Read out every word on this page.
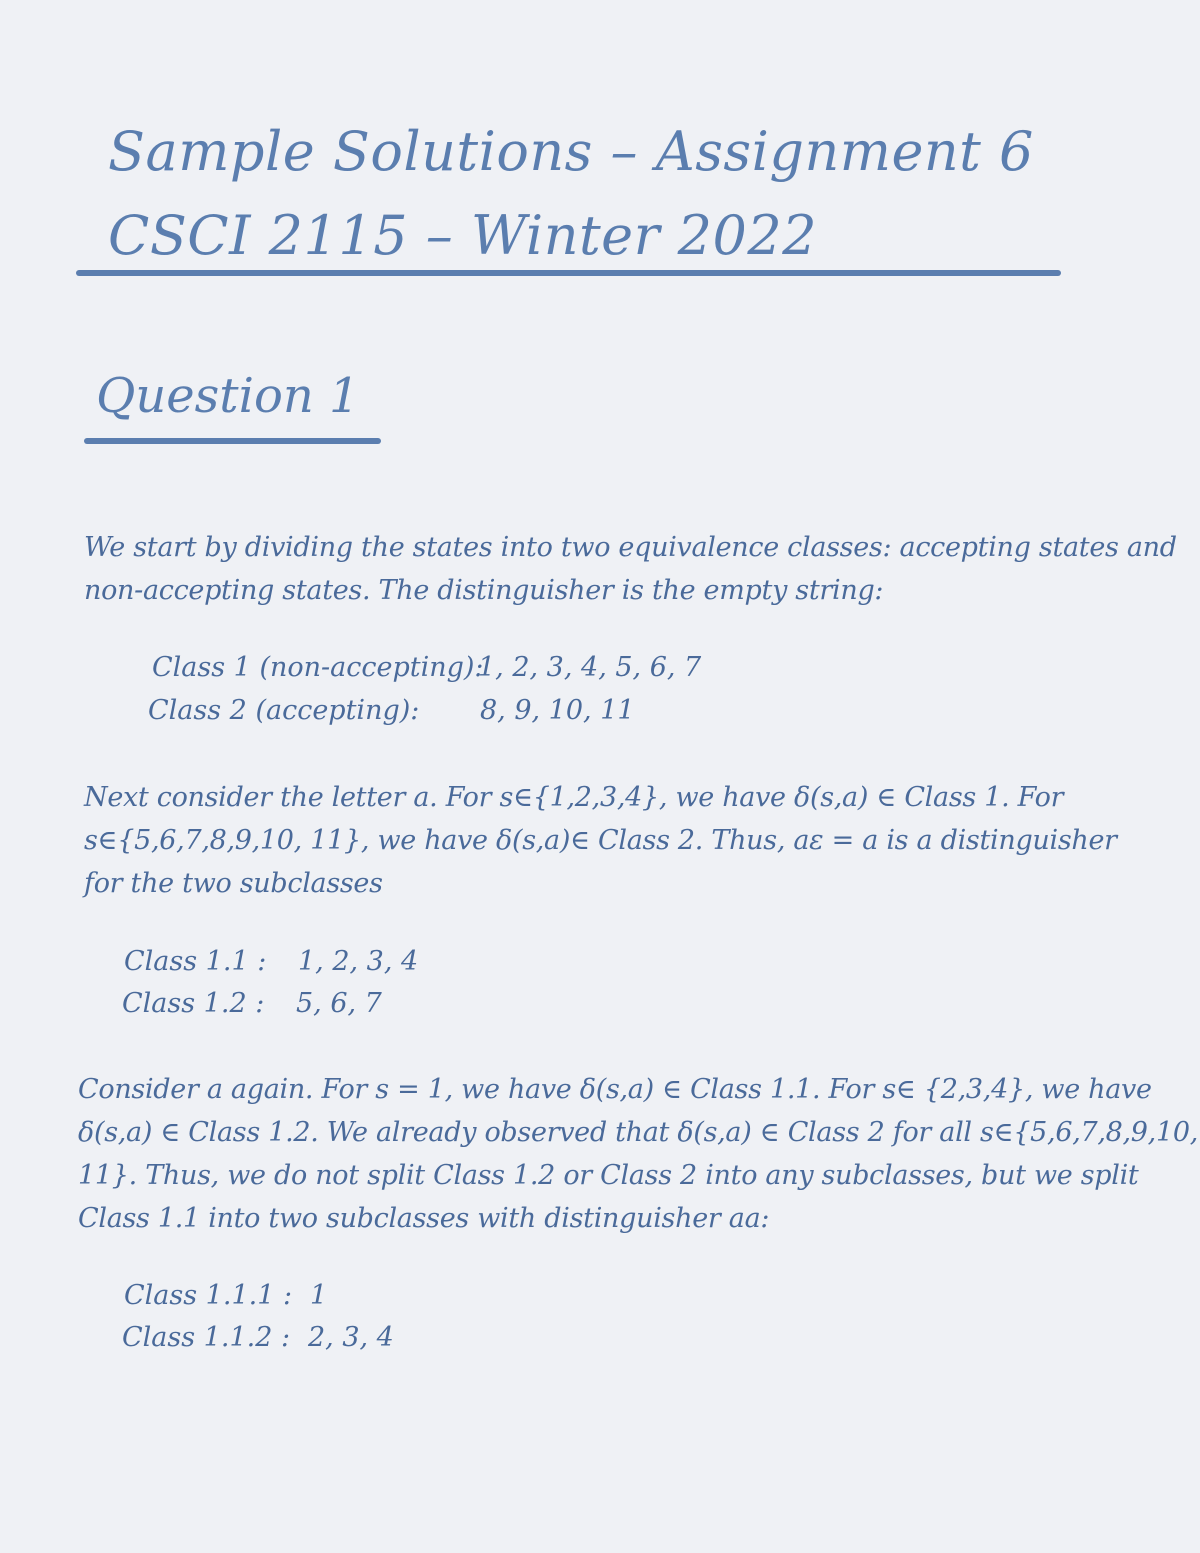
Sample Solutions – Assignment 6
CSCI 2115 – Winter 2022
Question 1
We start by dividing the states into two equivalence classes: accepting states and
non-accepting states. The distinguisher is the empty string:
Class 1 (non-accepting):
1, 2, 3, 4, 5, 6, 7
Class 2 (accepting): 8, 9, 10, 11
Next consider the letter a. For s∈{1,2,3,4}, we have δ(s,a) ∈ Class 1. For
s∈{5,6,7,8,9,10, 11}, we have δ(s,a)∈ Class 2. Thus, aε = a is a distinguisher
for the two subclasses
Class 1.1 : 1, 2, 3, 4
Class 1.2 : 5, 6, 7
Consider a again. For s = 1, we have δ(s,a) ∈ Class 1.1. For s∈ {2,3,4}, we have
δ(s,a) ∈ Class 1.2. We already observed that δ(s,a) ∈ Class 2 for all s∈{5,6,7,8,9,10,
11}. Thus, we do not split Class 1.2 or Class 2 into any subclasses, but we split
Class 1.1 into two subclasses with distinguisher aa:
Class 1.1.1 : 1
Class 1.1.2 : 2, 3, 4
